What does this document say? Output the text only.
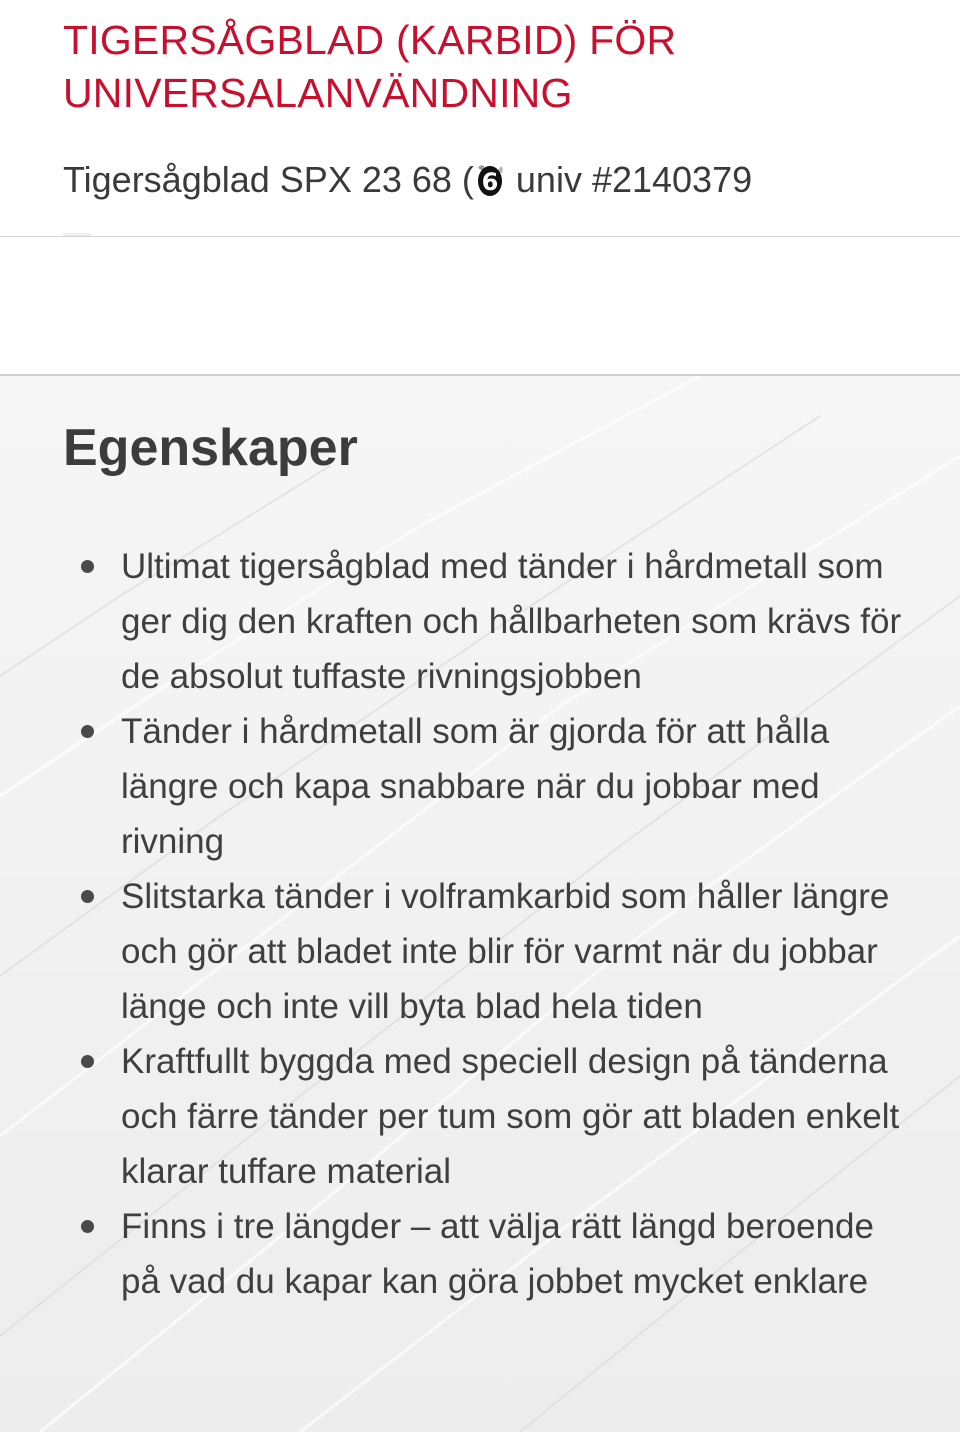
TIGERSÅGBLAD (KARBID) FÖR UNIVERSALANVÄNDNING

Tigersågblad SPX 23 68 ( 6 univ #2140379

Egenskaper
Ultimat tigersågblad med tänder i hårdmetall som ger dig den kraften och hållbarheten som krävs för de absolut tuffaste rivningsjobben
Tänder i hårdmetall som är gjorda för att hålla längre och kapa snabbare när du jobbar med rivning
Slitstarka tänder i volframkarbid som håller längre och gör att bladet inte blir för varmt när du jobbar länge och inte vill byta blad hela tiden
Kraftfullt byggda med speciell design på tänderna och färre tänder per tum som gör att bladen enkelt klarar tuffare material
Finns i tre längder – att välja rätt längd beroende på vad du kapar kan göra jobbet mycket enklare
